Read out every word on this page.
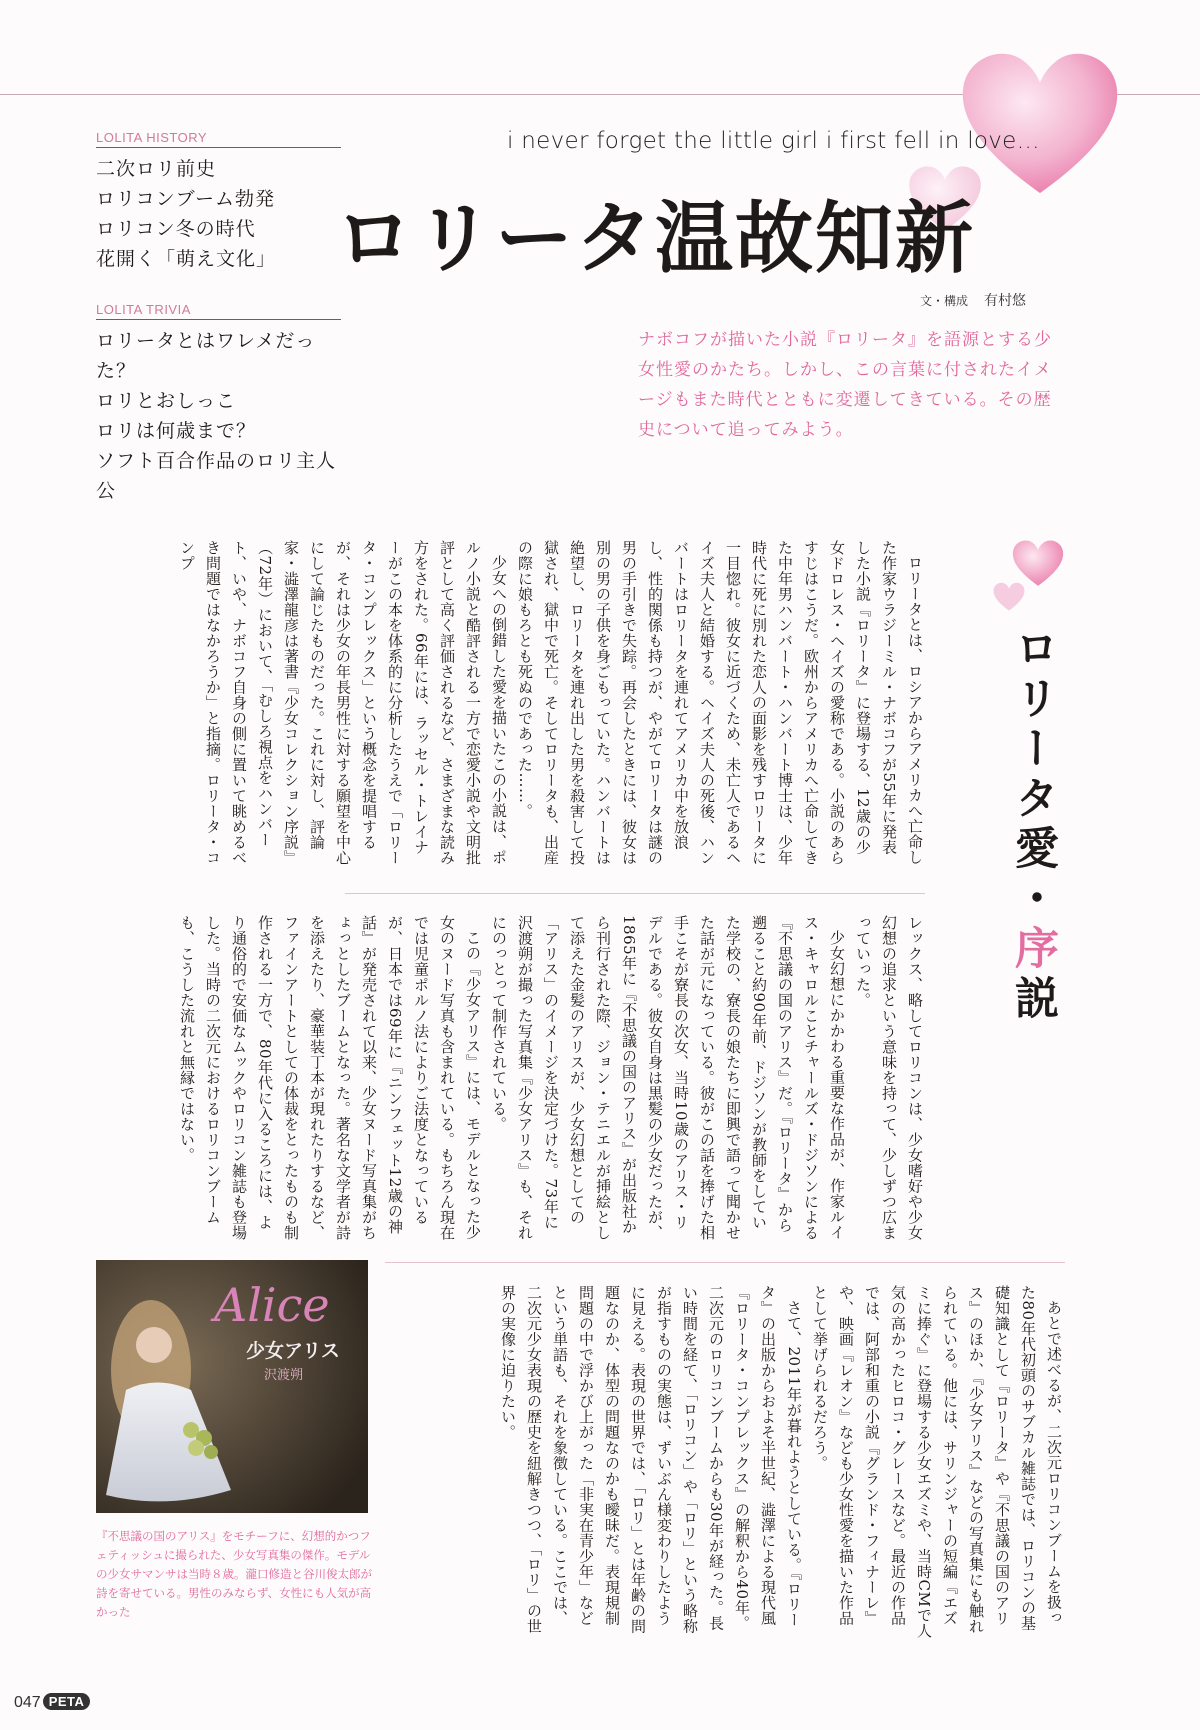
LOLITA HISTORY
二次ロリ前史
ロリコンブーム勃発
ロリコン冬の時代
花開く「萌え文化」
LOLITA TRIVIA
ロリータとはワレメだった？
ロリとおしっこ
ロリは何歳まで？
ソフト百合作品のロリ主人公
i never forget the little girl i first fell in love…
ロリータ温故知新
文・構成 有村悠
ナボコフが描いた小説『ロリータ』を語源とする少女性愛のかたち。しかし、この言葉に付されたイメージもまた時代とともに変遷してきている。その歴史について追ってみよう。
ロリータ愛・序説

ロリータとは、ロシアからアメリカへ亡命した作家ウラジーミル・ナボコフが55年に発表した小説『ロリータ』に登場する、12歳の少女ドロレス・ヘイズの愛称である。小説のあらすじはこうだ。欧州からアメリカへ亡命してきた中年男ハンバート・ハンバート博士は、少年時代に死に別れた恋人の面影を残すロリータに一目惚れ。彼女に近づくため、未亡人であるヘイズ夫人と結婚する。ヘイズ夫人の死後、ハンバートはロリータを連れてアメリカ中を放浪し、性的関係も持つが、やがてロリータは謎の男の手引きで失踪。再会したときには、彼女は別の男の子供を身ごもっていた。ハンバートは絶望し、ロリータを連れ出した男を殺害して投獄され、獄中で死亡。そしてロリータも、出産の際に娘もろとも死ぬのであった……。

少女への倒錯した愛を描いたこの小説は、ポルノ小説と酷評される一方で恋愛小説や文明批評として高く評価されるなど、さまざまな読み方をされた。66年には、ラッセル・トレイナーがこの本を体系的に分析したうえで「ロリータ・コンプレックス」という概念を提唱するが、それは少女の年長男性に対する願望を中心にして論じたものだった。これに対し、評論家・澁澤龍彦は著書『少女コレクション序説』（72年）において、「むしろ視点をハンバート、いや、ナボコフ自身の側に置いて眺めるべき問題ではなかろうか」と指摘。ロリータ・コンプ

レックス、略してロリコンは、少女嗜好や少女幻想の追求という意味を持って、少しずつ広まっていった。

少女幻想にかかわる重要な作品が、作家ルイス・キャロルことチャールズ・ドジソンによる『不思議の国のアリス』だ。『ロリータ』から遡ること約90年前、ドジソンが教師をしていた学校の、寮長の娘たちに即興で語って聞かせた話が元になっている。彼がこの話を捧げた相手こそが寮長の次女、当時10歳のアリス・リデルである。彼女自身は黒髪の少女だったが、1865年に『不思議の国のアリス』が出版社から刊行された際、ジョン・テニエルが挿絵として添えた金髪のアリスが、少女幻想としての「アリス」のイメージを決定づけた。73年に沢渡朔が撮った写真集『少女アリス』も、それにのっとって制作されている。

この『少女アリス』には、モデルとなった少女のヌード写真も含まれている。もちろん現在では児童ポルノ法によりご法度となっているが、日本では69年に『ニンフェット12歳の神話』が発売されて以来、少女ヌード写真集がちょっとしたブームとなった。著名な文学者が詩を添えたり、豪華装丁本が現れたりするなど、ファインアートとしての体裁をとったものも制作される一方で、80年代に入るころには、より通俗的で安価なムックやロリコン雑誌も登場した。当時の二次元におけるロリコンブームも、こうした流れと無縁ではない。

あとで述べるが、二次元ロリコンブームを扱った80年代初頭のサブカル雑誌では、ロリコンの基礎知識として『ロリータ』や『不思議の国のアリス』のほか、『少女アリス』などの写真集にも触れられている。他には、サリンジャーの短編『エズミに捧ぐ』に登場する少女エズミや、当時CMで人気の高かったヒロコ・グレースなど。最近の作品では、阿部和重の小説『グランド・フィナーレ』や、映画『レオン』なども少女性愛を描いた作品として挙げられるだろう。

さて、2011年が暮れようとしている。『ロリータ』の出版からおよそ半世紀、澁澤による現代風『ロリータ・コンプレックス』の解釈から40年。二次元のロリコンブームからも30年が経った。長い時間を経て、「ロリコン」や「ロリ」という略称が指すものの実態は、ずいぶん様変わりしたように見える。表現の世界では、「ロリ」とは年齢の問題なのか、体型の問題なのかも曖昧だ。表現規制問題の中で浮かび上がった「非実在青少年」などという単語も、それを象徴している。ここでは、二次元少女表現の歴史を紐解きつつ、「ロリ」の世界の実像に迫りたい。

Alice
少女アリス
沢渡朔
『不思議の国のアリス』をモチーフに、幻想的かつフェティッシュに撮られた、少女写真集の傑作。モデルの少女サマンサは当時８歳。瀧口修造と谷川俊太郎が詩を寄せている。男性のみならず、女性にも人気が高かった
047 PETA
